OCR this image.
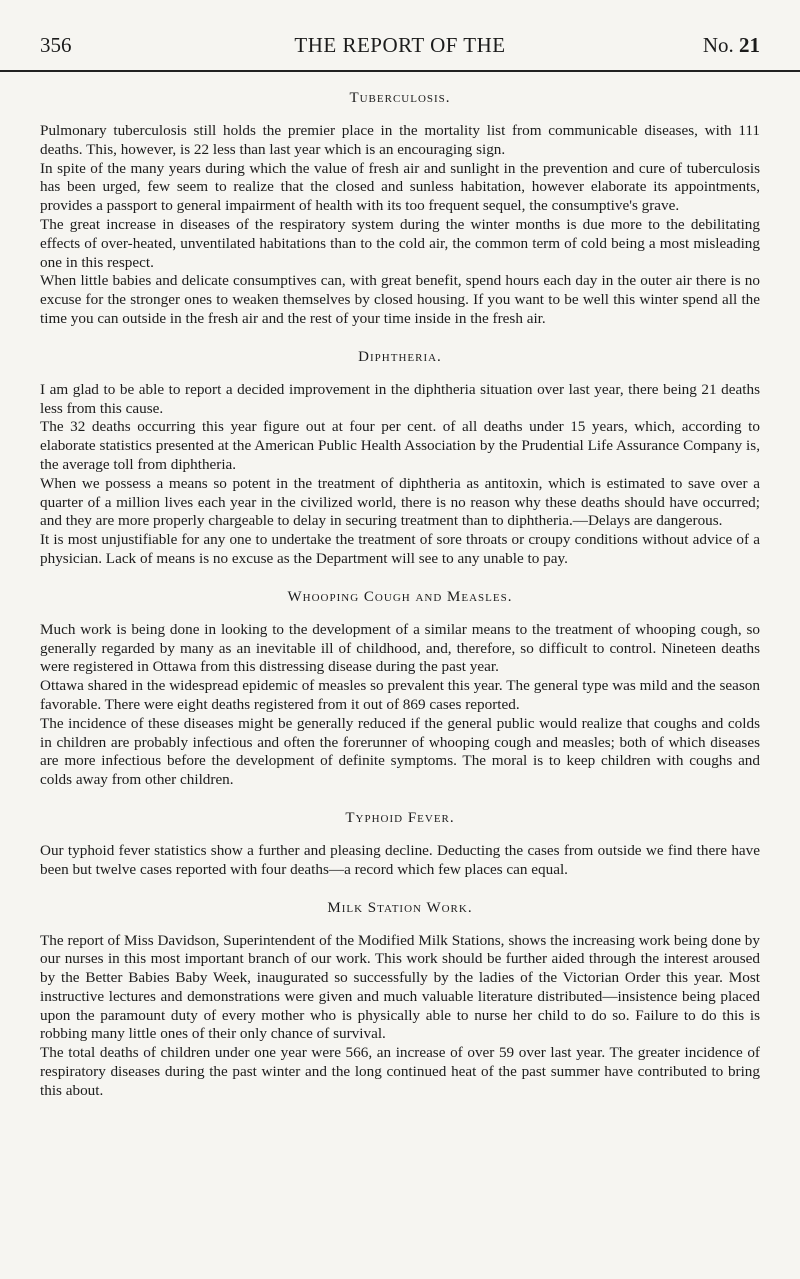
356	THE REPORT OF THE	No. 21
Tuberculosis.

Pulmonary tuberculosis still holds the premier place in the mortality list from communicable diseases, with 111 deaths. This, however, is 22 less than last year which is an encouraging sign.

In spite of the many years during which the value of fresh air and sunlight in the prevention and cure of tuberculosis has been urged, few seem to realize that the closed and sunless habitation, however elaborate its appointments, provides a passport to general impairment of health with its too frequent sequel, the consumptive's grave.

The great increase in diseases of the respiratory system during the winter months is due more to the debilitating effects of over-heated, unventilated habitations than to the cold air, the common term of cold being a most misleading one in this respect.

When little babies and delicate consumptives can, with great benefit, spend hours each day in the outer air there is no excuse for the stronger ones to weaken themselves by closed housing. If you want to be well this winter spend all the time you can outside in the fresh air and the rest of your time inside in the fresh air.

Diphtheria.

I am glad to be able to report a decided improvement in the diphtheria situation over last year, there being 21 deaths less from this cause.

The 32 deaths occurring this year figure out at four per cent. of all deaths under 15 years, which, according to elaborate statistics presented at the American Public Health Association by the Prudential Life Assurance Company is, the average toll from diphtheria.

When we possess a means so potent in the treatment of diphtheria as antitoxin, which is estimated to save over a quarter of a million lives each year in the civilized world, there is no reason why these deaths should have occurred; and they are more properly chargeable to delay in securing treatment than to diphtheria.—Delays are dangerous.

It is most unjustifiable for any one to undertake the treatment of sore throats or croupy conditions without advice of a physician. Lack of means is no excuse as the Department will see to any unable to pay.

Whooping Cough and Measles.

Much work is being done in looking to the development of a similar means to the treatment of whooping cough, so generally regarded by many as an inevitable ill of childhood, and, therefore, so difficult to control. Nineteen deaths were registered in Ottawa from this distressing disease during the past year.

Ottawa shared in the widespread epidemic of measles so prevalent this year. The general type was mild and the season favorable. There were eight deaths registered from it out of 869 cases reported.

The incidence of these diseases might be generally reduced if the general public would realize that coughs and colds in children are probably infectious and often the forerunner of whooping cough and measles; both of which diseases are more infectious before the development of definite symptoms. The moral is to keep children with coughs and colds away from other children.

Typhoid Fever.

Our typhoid fever statistics show a further and pleasing decline. Deducting the cases from outside we find there have been but twelve cases reported with four deaths—a record which few places can equal.

Milk Station Work.

The report of Miss Davidson, Superintendent of the Modified Milk Stations, shows the increasing work being done by our nurses in this most important branch of our work. This work should be further aided through the interest aroused by the Better Babies Baby Week, inaugurated so successfully by the ladies of the Victorian Order this year. Most instructive lectures and demonstrations were given and much valuable literature distributed—insistence being placed upon the paramount duty of every mother who is physically able to nurse her child to do so. Failure to do this is robbing many little ones of their only chance of survival.

The total deaths of children under one year were 566, an increase of over 59 over last year. The greater incidence of respiratory diseases during the past winter and the long continued heat of the past summer have contributed to bring this about.
